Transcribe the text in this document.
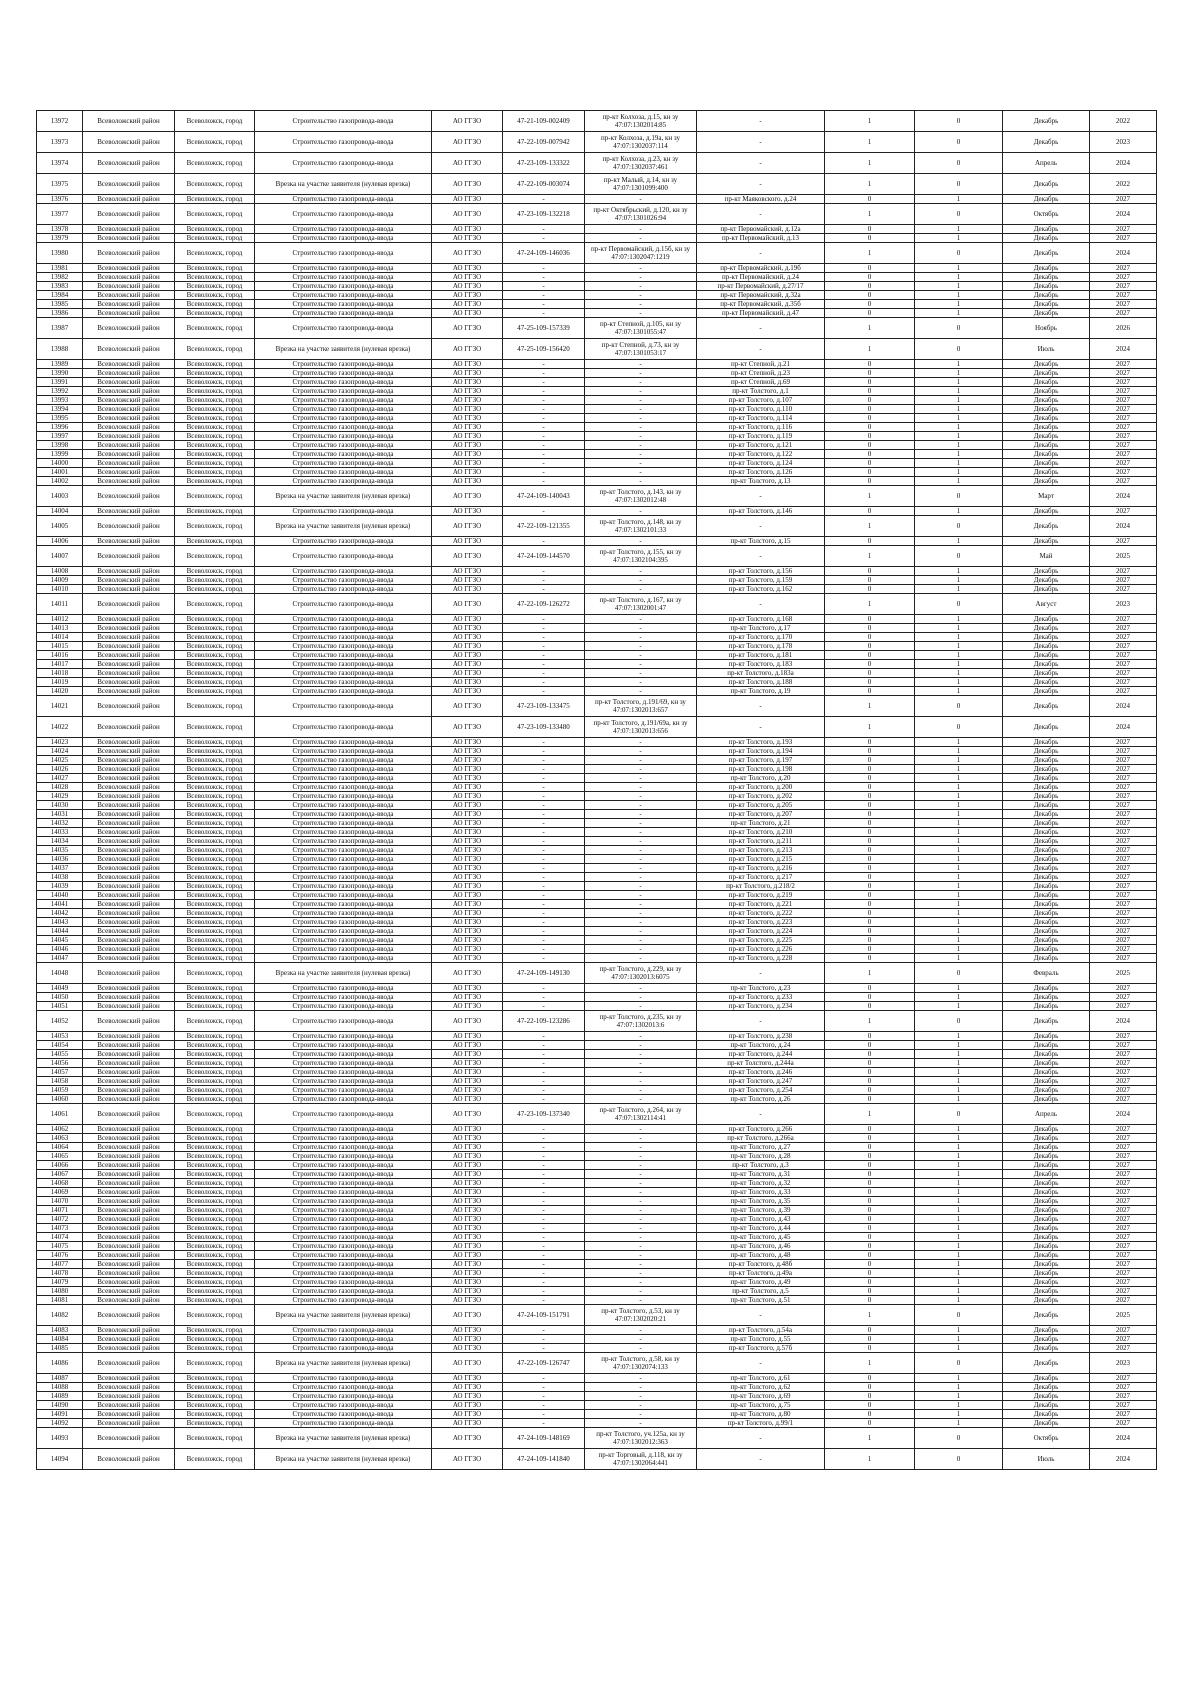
13972	Всеволожский район	Всеволожск, город	Строительство газопровода-ввода	АО ГГЗО	47-21-109-002409	пр-кт Колхоза, д.15, кн зу 47:07:1302014:85	-	1	0	Декабрь	2022
13973	Всеволожский район	Всеволожск, город	Строительство газопровода-ввода	АО ГГЗО	47-22-109-007942	пр-кт Колхоза, д.19а, кн зу 47:07:1302037:114	-	1	0	Декабрь	2023
13974	Всеволожский район	Всеволожск, город	Строительство газопровода-ввода	АО ГГЗО	47-23-109-133322	пр-кт Колхоза, д.23, кн зу 47:07:1302037:461	-	1	0	Апрель	2024
13975	Всеволожский район	Всеволожск, город	Врезка на участке заявителя (нулевая врезка)	АО ГГЗО	47-22-109-003074	пр-кт Малый, д.14, кн зу 47:07:1301099:400	-	1	0	Декабрь	2022
13976	Всеволожский район	Всеволожск, город	Строительство газопровода-ввода	АО ГГЗО	-	-	пр-кт Маяковского, д.24	0	1	Декабрь	2027
13977	Всеволожский район	Всеволожск, город	Строительство газопровода-ввода	АО ГГЗО	47-23-109-132218	пр-кт Октябрьский, д.120, кн зу 47:07:1301026:94	-	1	0	Октябрь	2024
13978	Всеволожский район	Всеволожск, город	Строительство газопровода-ввода	АО ГГЗО	-	-	пр-кт Первомайский, д.12а	0	1	Декабрь	2027
13979	Всеволожский район	Всеволожск, город	Строительство газопровода-ввода	АО ГГЗО	-	-	пр-кт Первомайский, д.13	0	1	Декабрь	2027
13980	Всеволожский район	Всеволожск, город	Строительство газопровода-ввода	АО ГГЗО	47-24-109-146036	пр-кт Первомайский, д.15б, кн зу 47:07:1302047:1219	-	1	0	Декабрь	2024
13981	Всеволожский район	Всеволожск, город	Строительство газопровода-ввода	АО ГГЗО	-	-	пр-кт Первомайский, д.19б	0	1	Декабрь	2027
13982	Всеволожский район	Всеволожск, город	Строительство газопровода-ввода	АО ГГЗО	-	-	пр-кт Первомайский, д.24	0	1	Декабрь	2027
13983	Всеволожский район	Всеволожск, город	Строительство газопровода-ввода	АО ГГЗО	-	-	пр-кт Первомайский, д.27/17	0	1	Декабрь	2027
13984	Всеволожский район	Всеволожск, город	Строительство газопровода-ввода	АО ГГЗО	-	-	пр-кт Первомайский, д.32а	0	1	Декабрь	2027
13985	Всеволожский район	Всеволожск, город	Строительство газопровода-ввода	АО ГГЗО	-	-	пр-кт Первомайский, д.35б	0	1	Декабрь	2027
13986	Всеволожский район	Всеволожск, город	Строительство газопровода-ввода	АО ГГЗО	-	-	пр-кт Первомайский, д.47	0	1	Декабрь	2027
13987	Всеволожский район	Всеволожск, город	Строительство газопровода-ввода	АО ГГЗО	47-25-109-157339	пр-кт Степной, д.105, кн зу 47:07:1301055:47	-	1	0	Ноябрь	2026
13988	Всеволожский район	Всеволожск, город	Врезка на участке заявителя (нулевая врезка)	АО ГГЗО	47-25-109-156420	пр-кт Степной, д.73, кн зу 47:07:1301053:17	-	1	0	Июль	2024
13989	Всеволожский район	Всеволожск, город	Строительство газопровода-ввода	АО ГГЗО	-	-	пр-кт Степной, д.21	0	1	Декабрь	2027
13990	Всеволожский район	Всеволожск, город	Строительство газопровода-ввода	АО ГГЗО	-	-	пр-кт Степной, д.23	0	1	Декабрь	2027
13991	Всеволожский район	Всеволожск, город	Строительство газопровода-ввода	АО ГГЗО	-	-	пр-кт Степной, д.69	0	1	Декабрь	2027
13992	Всеволожский район	Всеволожск, город	Строительство газопровода-ввода	АО ГГЗО	-	-	пр-кт Толстого, д.1	0	1	Декабрь	2027
13993	Всеволожский район	Всеволожск, город	Строительство газопровода-ввода	АО ГГЗО	-	-	пр-кт Толстого, д.107	0	1	Декабрь	2027
13994	Всеволожский район	Всеволожск, город	Строительство газопровода-ввода	АО ГГЗО	-	-	пр-кт Толстого, д.110	0	1	Декабрь	2027
13995	Всеволожский район	Всеволожск, город	Строительство газопровода-ввода	АО ГГЗО	-	-	пр-кт Толстого, д.114	0	1	Декабрь	2027
13996	Всеволожский район	Всеволожск, город	Строительство газопровода-ввода	АО ГГЗО	-	-	пр-кт Толстого, д.116	0	1	Декабрь	2027
13997	Всеволожский район	Всеволожск, город	Строительство газопровода-ввода	АО ГГЗО	-	-	пр-кт Толстого, д.119	0	1	Декабрь	2027
13998	Всеволожский район	Всеволожск, город	Строительство газопровода-ввода	АО ГГЗО	-	-	пр-кт Толстого, д.121	0	1	Декабрь	2027
13999	Всеволожский район	Всеволожск, город	Строительство газопровода-ввода	АО ГГЗО	-	-	пр-кт Толстого, д.122	0	1	Декабрь	2027
14000	Всеволожский район	Всеволожск, город	Строительство газопровода-ввода	АО ГГЗО	-	-	пр-кт Толстого, д.124	0	1	Декабрь	2027
14001	Всеволожский район	Всеволожск, город	Строительство газопровода-ввода	АО ГГЗО	-	-	пр-кт Толстого, д.126	0	1	Декабрь	2027
14002	Всеволожский район	Всеволожск, город	Строительство газопровода-ввода	АО ГГЗО	-	-	пр-кт Толстого, д.13	0	1	Декабрь	2027
14003	Всеволожский район	Всеволожск, город	Врезка на участке заявителя (нулевая врезка)	АО ГГЗО	47-24-109-140043	пр-кт Толстого, д.143, кн зу 47:07:1302012:48	-	1	0	Март	2024
14004	Всеволожский район	Всеволожск, город	Строительство газопровода-ввода	АО ГГЗО	-	-	пр-кт Толстого, д.146	0	1	Декабрь	2027
14005	Всеволожский район	Всеволожск, город	Врезка на участке заявителя (нулевая врезка)	АО ГГЗО	47-22-109-121355	пр-кт Толстого, д.148, кн зу 47:07:1302101:33	-	1	0	Декабрь	2024
14006	Всеволожский район	Всеволожск, город	Строительство газопровода-ввода	АО ГГЗО	-	-	пр-кт Толстого, д.15	0	1	Декабрь	2027
14007	Всеволожский район	Всеволожск, город	Строительство газопровода-ввода	АО ГГЗО	47-24-109-144570	пр-кт Толстого, д.155, кн зу 47:07:1302104:395	-	1	0	Май	2025
14008	Всеволожский район	Всеволожск, город	Строительство газопровода-ввода	АО ГГЗО	-	-	пр-кт Толстого, д.156	0	1	Декабрь	2027
14009	Всеволожский район	Всеволожск, город	Строительство газопровода-ввода	АО ГГЗО	-	-	пр-кт Толстого, д.159	0	1	Декабрь	2027
14010	Всеволожский район	Всеволожск, город	Строительство газопровода-ввода	АО ГГЗО	-	-	пр-кт Толстого, д.162	0	1	Декабрь	2027
14011	Всеволожский район	Всеволожск, город	Строительство газопровода-ввода	АО ГГЗО	47-22-109-126272	пр-кт Толстого, д.167, кн зу 47:07:1302001:47	-	1	0	Август	2023
14012	Всеволожский район	Всеволожск, город	Строительство газопровода-ввода	АО ГГЗО	-	-	пр-кт Толстого, д.168	0	1	Декабрь	2027
14013	Всеволожский район	Всеволожск, город	Строительство газопровода-ввода	АО ГГЗО	-	-	пр-кт Толстого, д.17	0	1	Декабрь	2027
14014	Всеволожский район	Всеволожск, город	Строительство газопровода-ввода	АО ГГЗО	-	-	пр-кт Толстого, д.170	0	1	Декабрь	2027
14015	Всеволожский район	Всеволожск, город	Строительство газопровода-ввода	АО ГГЗО	-	-	пр-кт Толстого, д.178	0	1	Декабрь	2027
14016	Всеволожский район	Всеволожск, город	Строительство газопровода-ввода	АО ГГЗО	-	-	пр-кт Толстого, д.181	0	1	Декабрь	2027
14017	Всеволожский район	Всеволожск, город	Строительство газопровода-ввода	АО ГГЗО	-	-	пр-кт Толстого, д.183	0	1	Декабрь	2027
14018	Всеволожский район	Всеволожск, город	Строительство газопровода-ввода	АО ГГЗО	-	-	пр-кт Толстого, д.183а	0	1	Декабрь	2027
14019	Всеволожский район	Всеволожск, город	Строительство газопровода-ввода	АО ГГЗО	-	-	пр-кт Толстого, д.188	0	1	Декабрь	2027
14020	Всеволожский район	Всеволожск, город	Строительство газопровода-ввода	АО ГГЗО	-	-	пр-кт Толстого, д.19	0	1	Декабрь	2027
14021	Всеволожский район	Всеволожск, город	Строительство газопровода-ввода	АО ГГЗО	47-23-109-133475	пр-кт Толстого, д.191/69, кн зу 47:07:1302013:657	-	1	0	Декабрь	2024
14022	Всеволожский район	Всеволожск, город	Строительство газопровода-ввода	АО ГГЗО	47-23-109-133480	пр-кт Толстого, д.191/69а, кн зу 47:07:1302013:656	-	1	0	Декабрь	2024
14023	Всеволожский район	Всеволожск, город	Строительство газопровода-ввода	АО ГГЗО	-	-	пр-кт Толстого, д.193	0	1	Декабрь	2027
14024	Всеволожский район	Всеволожск, город	Строительство газопровода-ввода	АО ГГЗО	-	-	пр-кт Толстого, д.194	0	1	Декабрь	2027
14025	Всеволожский район	Всеволожск, город	Строительство газопровода-ввода	АО ГГЗО	-	-	пр-кт Толстого, д.197	0	1	Декабрь	2027
14026	Всеволожский район	Всеволожск, город	Строительство газопровода-ввода	АО ГГЗО	-	-	пр-кт Толстого, д.198	0	1	Декабрь	2027
14027	Всеволожский район	Всеволожск, город	Строительство газопровода-ввода	АО ГГЗО	-	-	пр-кт Толстого, д.20	0	1	Декабрь	2027
14028	Всеволожский район	Всеволожск, город	Строительство газопровода-ввода	АО ГГЗО	-	-	пр-кт Толстого, д.200	0	1	Декабрь	2027
14029	Всеволожский район	Всеволожск, город	Строительство газопровода-ввода	АО ГГЗО	-	-	пр-кт Толстого, д.202	0	1	Декабрь	2027
14030	Всеволожский район	Всеволожск, город	Строительство газопровода-ввода	АО ГГЗО	-	-	пр-кт Толстого, д.205	0	1	Декабрь	2027
14031	Всеволожский район	Всеволожск, город	Строительство газопровода-ввода	АО ГГЗО	-	-	пр-кт Толстого, д.207	0	1	Декабрь	2027
14032	Всеволожский район	Всеволожск, город	Строительство газопровода-ввода	АО ГГЗО	-	-	пр-кт Толстого, д.21	0	1	Декабрь	2027
14033	Всеволожский район	Всеволожск, город	Строительство газопровода-ввода	АО ГГЗО	-	-	пр-кт Толстого, д.210	0	1	Декабрь	2027
14034	Всеволожский район	Всеволожск, город	Строительство газопровода-ввода	АО ГГЗО	-	-	пр-кт Толстого, д.211	0	1	Декабрь	2027
14035	Всеволожский район	Всеволожск, город	Строительство газопровода-ввода	АО ГГЗО	-	-	пр-кт Толстого, д.213	0	1	Декабрь	2027
14036	Всеволожский район	Всеволожск, город	Строительство газопровода-ввода	АО ГГЗО	-	-	пр-кт Толстого, д.215	0	1	Декабрь	2027
14037	Всеволожский район	Всеволожск, город	Строительство газопровода-ввода	АО ГГЗО	-	-	пр-кт Толстого, д.216	0	1	Декабрь	2027
14038	Всеволожский район	Всеволожск, город	Строительство газопровода-ввода	АО ГГЗО	-	-	пр-кт Толстого, д.217	0	1	Декабрь	2027
14039	Всеволожский район	Всеволожск, город	Строительство газопровода-ввода	АО ГГЗО	-	-	пр-кт Толстого, д.218/2	0	1	Декабрь	2027
14040	Всеволожский район	Всеволожск, город	Строительство газопровода-ввода	АО ГГЗО	-	-	пр-кт Толстого, д.219	0	1	Декабрь	2027
14041	Всеволожский район	Всеволожск, город	Строительство газопровода-ввода	АО ГГЗО	-	-	пр-кт Толстого, д.221	0	1	Декабрь	2027
14042	Всеволожский район	Всеволожск, город	Строительство газопровода-ввода	АО ГГЗО	-	-	пр-кт Толстого, д.222	0	1	Декабрь	2027
14043	Всеволожский район	Всеволожск, город	Строительство газопровода-ввода	АО ГГЗО	-	-	пр-кт Толстого, д.223	0	1	Декабрь	2027
14044	Всеволожский район	Всеволожск, город	Строительство газопровода-ввода	АО ГГЗО	-	-	пр-кт Толстого, д.224	0	1	Декабрь	2027
14045	Всеволожский район	Всеволожск, город	Строительство газопровода-ввода	АО ГГЗО	-	-	пр-кт Толстого, д.225	0	1	Декабрь	2027
14046	Всеволожский район	Всеволожск, город	Строительство газопровода-ввода	АО ГГЗО	-	-	пр-кт Толстого, д.226	0	1	Декабрь	2027
14047	Всеволожский район	Всеволожск, город	Строительство газопровода-ввода	АО ГГЗО	-	-	пр-кт Толстого, д.228	0	1	Декабрь	2027
14048	Всеволожский район	Всеволожск, город	Врезка на участке заявителя (нулевая врезка)	АО ГГЗО	47-24-109-149130	пр-кт Толстого, д.229, кн зу 47:07:1302013:6075	-	1	0	Февраль	2025
14049	Всеволожский район	Всеволожск, город	Строительство газопровода-ввода	АО ГГЗО	-	-	пр-кт Толстого, д.23	0	1	Декабрь	2027
14050	Всеволожский район	Всеволожск, город	Строительство газопровода-ввода	АО ГГЗО	-	-	пр-кт Толстого, д.233	0	1	Декабрь	2027
14051	Всеволожский район	Всеволожск, город	Строительство газопровода-ввода	АО ГГЗО	-	-	пр-кт Толстого, д.234	0	1	Декабрь	2027
14052	Всеволожский район	Всеволожск, город	Строительство газопровода-ввода	АО ГГЗО	47-22-109-123286	пр-кт Толстого, д.235, кн зу 47:07:1302013:6	-	1	0	Декабрь	2024
14053	Всеволожский район	Всеволожск, город	Строительство газопровода-ввода	АО ГГЗО	-	-	пр-кт Толстого, д.238	0	1	Декабрь	2027
14054	Всеволожский район	Всеволожск, город	Строительство газопровода-ввода	АО ГГЗО	-	-	пр-кт Толстого, д.24	0	1	Декабрь	2027
14055	Всеволожский район	Всеволожск, город	Строительство газопровода-ввода	АО ГГЗО	-	-	пр-кт Толстого, д.244	0	1	Декабрь	2027
14056	Всеволожский район	Всеволожск, город	Строительство газопровода-ввода	АО ГГЗО	-	-	пр-кт Толстого, д.244а	0	1	Декабрь	2027
14057	Всеволожский район	Всеволожск, город	Строительство газопровода-ввода	АО ГГЗО	-	-	пр-кт Толстого, д.246	0	1	Декабрь	2027
14058	Всеволожский район	Всеволожск, город	Строительство газопровода-ввода	АО ГГЗО	-	-	пр-кт Толстого, д.247	0	1	Декабрь	2027
14059	Всеволожский район	Всеволожск, город	Строительство газопровода-ввода	АО ГГЗО	-	-	пр-кт Толстого, д.254	0	1	Декабрь	2027
14060	Всеволожский район	Всеволожск, город	Строительство газопровода-ввода	АО ГГЗО	-	-	пр-кт Толстого, д.26	0	1	Декабрь	2027
14061	Всеволожский район	Всеволожск, город	Строительство газопровода-ввода	АО ГГЗО	47-23-109-137340	пр-кт Толстого, д.264, кн зу 47:07:1302114:41	-	1	0	Апрель	2024
14062	Всеволожский район	Всеволожск, город	Строительство газопровода-ввода	АО ГГЗО	-	-	пр-кт Толстого, д.266	0	1	Декабрь	2027
14063	Всеволожский район	Всеволожск, город	Строительство газопровода-ввода	АО ГГЗО	-	-	пр-кт Толстого, д.266а	0	1	Декабрь	2027
14064	Всеволожский район	Всеволожск, город	Строительство газопровода-ввода	АО ГГЗО	-	-	пр-кт Толстого, д.27	0	1	Декабрь	2027
14065	Всеволожский район	Всеволожск, город	Строительство газопровода-ввода	АО ГГЗО	-	-	пр-кт Толстого, д.28	0	1	Декабрь	2027
14066	Всеволожский район	Всеволожск, город	Строительство газопровода-ввода	АО ГГЗО	-	-	пр-кт Толстого, д.3	0	1	Декабрь	2027
14067	Всеволожский район	Всеволожск, город	Строительство газопровода-ввода	АО ГГЗО	-	-	пр-кт Толстого, д.31	0	1	Декабрь	2027
14068	Всеволожский район	Всеволожск, город	Строительство газопровода-ввода	АО ГГЗО	-	-	пр-кт Толстого, д.32	0	1	Декабрь	2027
14069	Всеволожский район	Всеволожск, город	Строительство газопровода-ввода	АО ГГЗО	-	-	пр-кт Толстого, д.33	0	1	Декабрь	2027
14070	Всеволожский район	Всеволожск, город	Строительство газопровода-ввода	АО ГГЗО	-	-	пр-кт Толстого, д.35	0	1	Декабрь	2027
14071	Всеволожский район	Всеволожск, город	Строительство газопровода-ввода	АО ГГЗО	-	-	пр-кт Толстого, д.39	0	1	Декабрь	2027
14072	Всеволожский район	Всеволожск, город	Строительство газопровода-ввода	АО ГГЗО	-	-	пр-кт Толстого, д.43	0	1	Декабрь	2027
14073	Всеволожский район	Всеволожск, город	Строительство газопровода-ввода	АО ГГЗО	-	-	пр-кт Толстого, д.44	0	1	Декабрь	2027
14074	Всеволожский район	Всеволожск, город	Строительство газопровода-ввода	АО ГГЗО	-	-	пр-кт Толстого, д.45	0	1	Декабрь	2027
14075	Всеволожский район	Всеволожск, город	Строительство газопровода-ввода	АО ГГЗО	-	-	пр-кт Толстого, д.46	0	1	Декабрь	2027
14076	Всеволожский район	Всеволожск, город	Строительство газопровода-ввода	АО ГГЗО	-	-	пр-кт Толстого, д.48	0	1	Декабрь	2027
14077	Всеволожский район	Всеволожск, город	Строительство газопровода-ввода	АО ГГЗО	-	-	пр-кт Толстого, д.48б	0	1	Декабрь	2027
14078	Всеволожский район	Всеволожск, город	Строительство газопровода-ввода	АО ГГЗО	-	-	пр-кт Толстого, д.49а	0	1	Декабрь	2027
14079	Всеволожский район	Всеволожск, город	Строительство газопровода-ввода	АО ГГЗО	-	-	пр-кт Толстого, д.49	0	1	Декабрь	2027
14080	Всеволожский район	Всеволожск, город	Строительство газопровода-ввода	АО ГГЗО	-	-	пр-кт Толстого, д.5	0	1	Декабрь	2027
14081	Всеволожский район	Всеволожск, город	Строительство газопровода-ввода	АО ГГЗО	-	-	пр-кт Толстого, д.51	0	1	Декабрь	2027
14082	Всеволожский район	Всеволожск, город	Врезка на участке заявителя (нулевая врезка)	АО ГГЗО	47-24-109-151791	пр-кт Толстого, д.53, кн зу 47:07:1302020:21	-	1	0	Декабрь	2025
14083	Всеволожский район	Всеволожск, город	Строительство газопровода-ввода	АО ГГЗО	-	-	пр-кт Толстого, д.54а	0	1	Декабрь	2027
14084	Всеволожский район	Всеволожск, город	Строительство газопровода-ввода	АО ГГЗО	-	-	пр-кт Толстого, д.55	0	1	Декабрь	2027
14085	Всеволожский район	Всеволожск, город	Строительство газопровода-ввода	АО ГГЗО	-	-	пр-кт Толстого, д.57б	0	1	Декабрь	2027
14086	Всеволожский район	Всеволожск, город	Врезка на участке заявителя (нулевая врезка)	АО ГГЗО	47-22-109-126747	пр-кт Толстого, д.58, кн зу 47:07:1302074:133	-	1	0	Декабрь	2023
14087	Всеволожский район	Всеволожск, город	Строительство газопровода-ввода	АО ГГЗО	-	-	пр-кт Толстого, д.61	0	1	Декабрь	2027
14088	Всеволожский район	Всеволожск, город	Строительство газопровода-ввода	АО ГГЗО	-	-	пр-кт Толстого, д.62	0	1	Декабрь	2027
14089	Всеволожский район	Всеволожск, город	Строительство газопровода-ввода	АО ГГЗО	-	-	пр-кт Толстого, д.69	0	1	Декабрь	2027
14090	Всеволожский район	Всеволожск, город	Строительство газопровода-ввода	АО ГГЗО	-	-	пр-кт Толстого, д.75	0	1	Декабрь	2027
14091	Всеволожский район	Всеволожск, город	Строительство газопровода-ввода	АО ГГЗО	-	-	пр-кт Толстого, д.80	0	1	Декабрь	2027
14092	Всеволожский район	Всеволожск, город	Строительство газопровода-ввода	АО ГГЗО	-	-	пр-кт Толстого, д.99/1	0	1	Декабрь	2027
14093	Всеволожский район	Всеволожск, город	Врезка на участке заявителя (нулевая врезка)	АО ГГЗО	47-24-109-148169	пр-кт Толстого, уч.125а, кн зу 47:07:1302012:363	-	1	0	Октябрь	2024
14094	Всеволожский район	Всеволожск, город	Врезка на участке заявителя (нулевая врезка)	АО ГГЗО	47-24-109-141840	пр-кт Торговый, д.118, кн зу 47:07:1302064:441	-	1	0	Июль	2024
